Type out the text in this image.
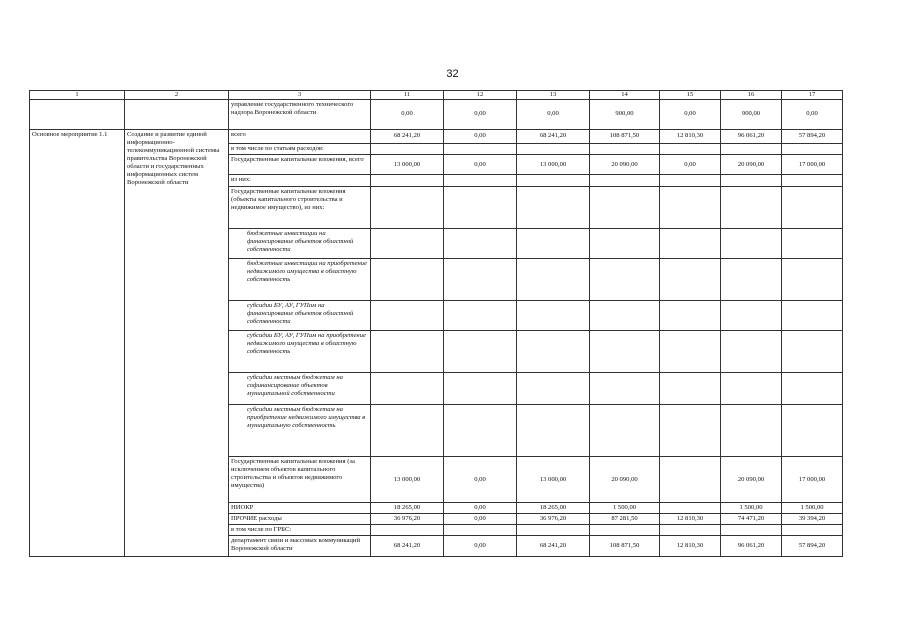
32
1	2	3	11	12	13	14	15	16	17
		управление государственного технического надзора Воронежской области	0,00	0,00	0,00	900,00	0,00	900,00	0,00
Основное мероприятие 1.1	Создание и развитие единой информационно-телекоммуникационной системы правительства Воронежской области и государственных информационных систем Воронежской области	всего	68 241,20	0,00	68 241,20	108 871,50	12 810,30	96 061,20	57 894,20
		в том числе по статьям расходов:							
		Государственные капитальные вложения, всего	13 000,00	0,00	13 000,00	20 090,00	0,00	20 090,00	17 000,00
		из них:							
		Государственные капитальные вложения (объекты капитального строительства и недвижимое имущество), из них:							
		бюджетные инвестиции на финансирование объектов областной собственности							
		бюджетные инвестиции на приобретение недвижимого имущества в областную собственность							
		субсидии БУ, АУ, ГУПам на финансирование объектов областной собственности							
		субсидии БУ, АУ, ГУПам на приобретение недвижимого имущества в областную собственность							
		субсидии местным бюджетам на софинансирование объектов муниципальной собственности							
		субсидии местным бюджетам на приобретение недвижимого имущества в муниципальную собственность							
		Государственные капитальные вложения (за исключением объектов капитального строительства и объектов недвижимого имущества)	13 000,00	0,00	13 000,00	20 090,00		20 090,00	17 000,00
		НИОКР	18 265,00	0,00	18 265,00	1 500,00		1 500,00	1 500,00
		ПРОЧИЕ расходы	36 976,20	0,00	36 976,20	87 281,50	12 810,30	74 471,20	39 394,20
		в том числе по ГРБС:							
		департамент связи и массовых коммуникаций Воронежской области	68 241,20	0,00	68 241,20	108 871,50	12 810,30	96 061,20	57 894,20
